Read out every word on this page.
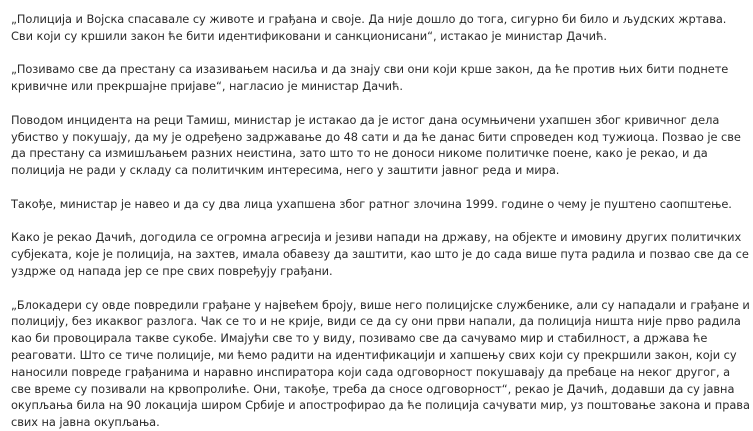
„Полиција и Војска спасавале су животе и грађана и своје. Да није дошло до тога, сигурно би било и људских жртава. Сви који су кршили закон ће бити идентификовани и санкционисани“, истакао је министар Дачић.

„Позивамо све да престану са изазивањем насиља и да знају сви они који крше закон, да ће против њих бити поднете кривичне или прекршајне пријаве“, нагласио је министар Дачић.

Поводом инцидента на реци Тамиш, министар је истакао да је истог дана осумњичени ухапшен због кривичног дела убиство у покушају, да му је одређено задржавање до 48 сати и да ће данас бити спроведен код тужиоца. Позвао је све да престану са измишљањем разних неистина, зато што то не доноси никоме политичке поене, како је рекао, и да полиција не ради у складу са политичким интересима, него у заштити јавног реда и мира.

Такође, министар је навео и да су два лица ухапшена због ратног злочина 1999. године о чему је пуштено саопштење.

Како је рекао Дачић, догодила се огромна агресија и језиви напади на државу, на објекте и имовину других политичких субјеката, које је полиција, на захтев, имала обавезу да заштити, као што је до сада више пута радила и позвао све да се уздрже од напада јер се пре свих повређују грађани.

„Блокадери су овде повредили грађане у највећем броју, више него полицијске службенике, али су нападали и грађане и полицију, без икаквог разлога. Чак се то и не крије, види се да су они први напали, да полиција ништа није прво радила као би провоцирала такве сукобе. Имајући све то у виду, позивамо све да сачувамо мир и стабилност, а држава ће реаговати. Што се тиче полиције, ми ћемо радити на идентификацији и хапшењу свих који су прекршили закон, који су наносили повреде грађанима и наравно инспиратора који сада одговорност покушавају да пребаце на неког другог, а све време су позивали на крвопролиће. Они, такође, треба да сносе одговорност“, рекао је Дачић, додавши да су јавна окупљања била на 90 локација широм Србије и апострофирао да ће полиција сачувати мир, уз поштовање закона и права свих на јавна окупљања.
